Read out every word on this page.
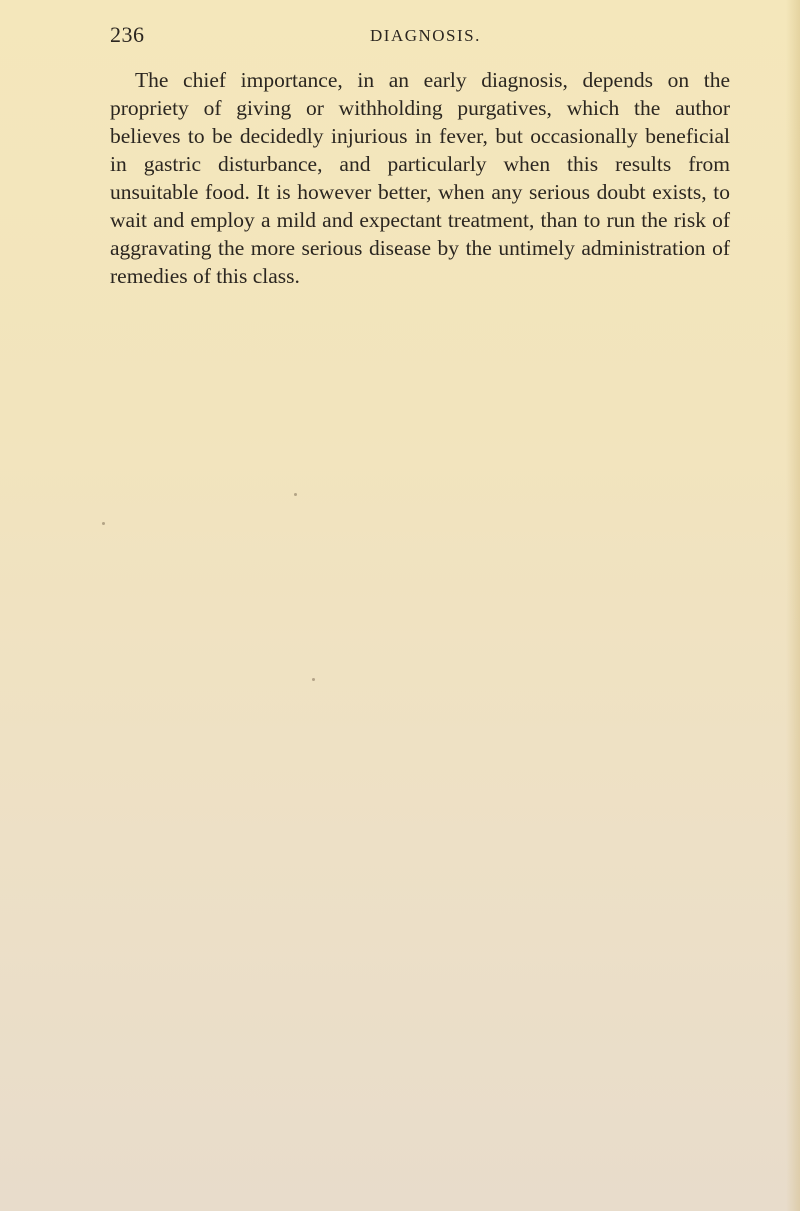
236	DIAGNOSIS.

The chief importance, in an early diagnosis, depends on the propriety of giving or withholding purgatives, which the author believes to be decidedly injurious in fever, but occasionally beneficial in gastric disturbance, and particularly when this results from unsuitable food. It is however better, when any serious doubt exists, to wait and employ a mild and expectant treatment, than to run the risk of aggravating the more serious disease by the untimely administration of remedies of this class.
